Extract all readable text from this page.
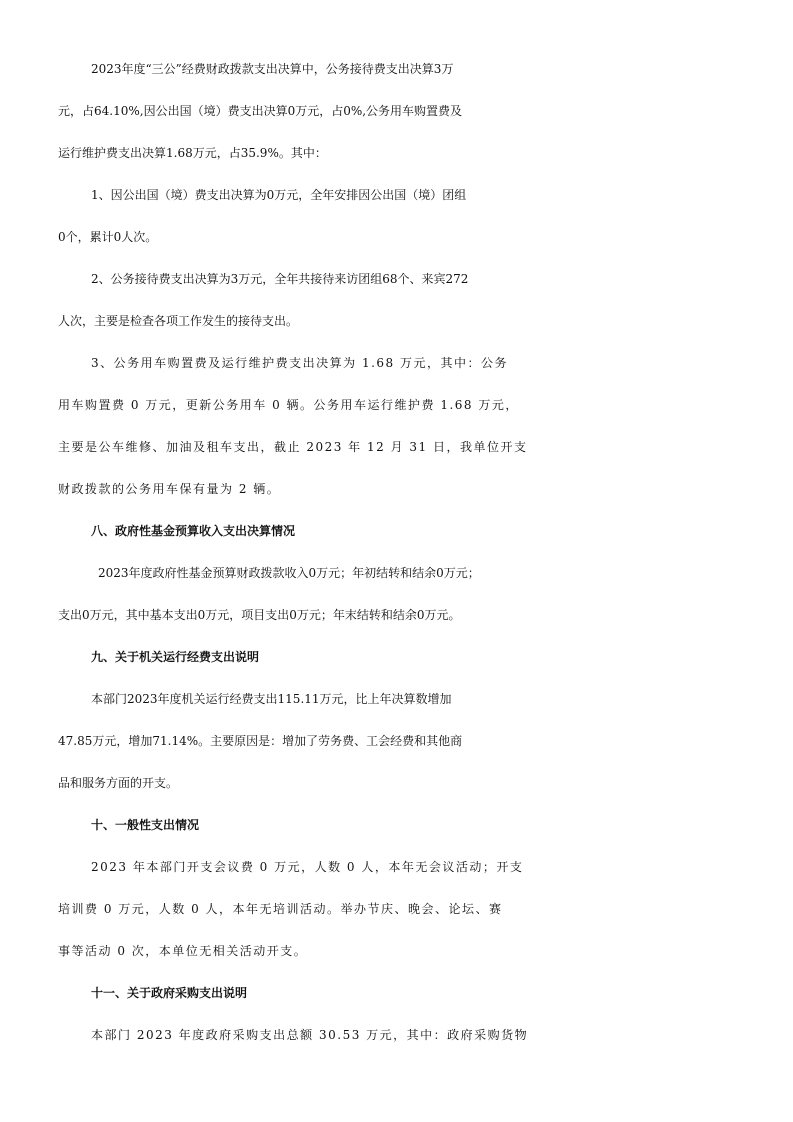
2023年度“三公”经费财政拨款支出决算中，公务接待费支出决算3万
元，占64.10%,因公出国（境）费支出决算0万元，占0%,公务用车购置费及
运行维护费支出决算1.68万元，占35.9%。其中：
1、因公出国（境）费支出决算为0万元，全年安排因公出国（境）团组
0个，累计0人次。
2、公务接待费支出决算为3万元，全年共接待来访团组68个、来宾272
人次，主要是检查各项工作发生的接待支出。
3、公务用车购置费及运行维护费支出决算为 1.68 万元，其中：公务
用车购置费 0 万元，更新公务用车 0 辆。公务用车运行维护费 1.68 万元，
主要是公车维修、加油及租车支出，截止 2023 年 12 月 31 日，我单位开支
财政拨款的公务用车保有量为 2 辆。
八、政府性基金预算收入支出决算情况
2023年度政府性基金预算财政拨款收入0万元；年初结转和结余0万元；
支出0万元，其中基本支出0万元，项目支出0万元；年末结转和结余0万元。
九、关于机关运行经费支出说明
本部门2023年度机关运行经费支出115.11万元，比上年决算数增加
47.85万元，增加71.14%。主要原因是：增加了劳务费、工会经费和其他商
品和服务方面的开支。
十、一般性支出情况
2023 年本部门开支会议费 0 万元，人数 0 人，本年无会议活动；开支
培训费 0 万元，人数 0 人，本年无培训活动。举办节庆、晚会、论坛、赛
事等活动 0 次，本单位无相关活动开支。
十一、关于政府采购支出说明
本部门 2023 年度政府采购支出总额 30.53 万元，其中：政府采购货物
